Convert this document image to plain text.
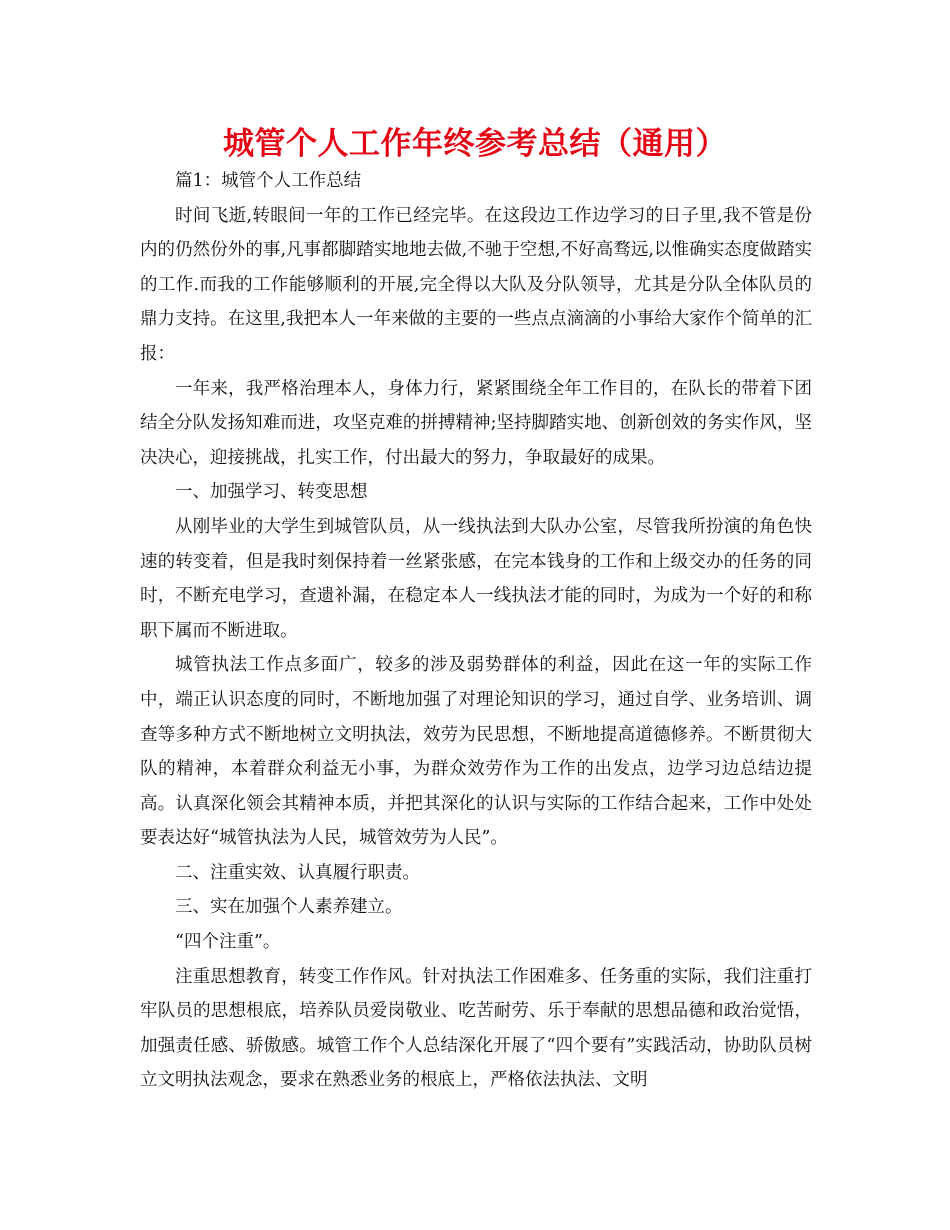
城管个人工作年终参考总结（通用）

篇1：城管个人工作总结

时间飞逝,转眼间一年的工作已经完毕。在这段边工作边学习的日子里,我不管是份内的仍然份外的事,凡事都脚踏实地地去做,不驰于空想,不好高骛远,以惟确实态度做踏实的工作.而我的工作能够顺利的开展,完全得以大队及分队领导，尤其是分队全体队员的鼎力支持。在这里,我把本人一年来做的主要的一些点点滴滴的小事给大家作个简单的汇报：

一年来，我严格治理本人，身体力行，紧紧围绕全年工作目的，在队长的带着下团结全分队发扬知难而进，攻坚克难的拼搏精神;坚持脚踏实地、创新创效的务实作风，坚决决心，迎接挑战，扎实工作，付出最大的努力，争取最好的成果。

一、加强学习、转变思想

从刚毕业的大学生到城管队员，从一线执法到大队办公室，尽管我所扮演的角色快速的转变着，但是我时刻保持着一丝紧张感，在完本钱身的工作和上级交办的任务的同时，不断充电学习，查遗补漏，在稳定本人一线执法才能的同时，为成为一个好的和称职下属而不断进取。

城管执法工作点多面广，较多的涉及弱势群体的利益，因此在这一年的实际工作中，端正认识态度的同时，不断地加强了对理论知识的学习，通过自学、业务培训、调查等多种方式不断地树立文明执法，效劳为民思想，不断地提高道德修养。不断贯彻大队的精神，本着群众利益无小事，为群众效劳作为工作的出发点，边学习边总结边提高。认真深化领会其精神本质，并把其深化的认识与实际的工作结合起来，工作中处处要表达好“城管执法为人民，城管效劳为人民”。

二、注重实效、认真履行职责。

三、实在加强个人素养建立。

“四个注重”。

注重思想教育，转变工作作风。针对执法工作困难多、任务重的实际，我们注重打牢队员的思想根底，培养队员爱岗敬业、吃苦耐劳、乐于奉献的思想品德和政治觉悟，加强责任感、骄傲感。城管工作个人总结深化开展了“四个要有”实践活动，协助队员树立文明执法观念，要求在熟悉业务的根底上，严格依法执法、文明
